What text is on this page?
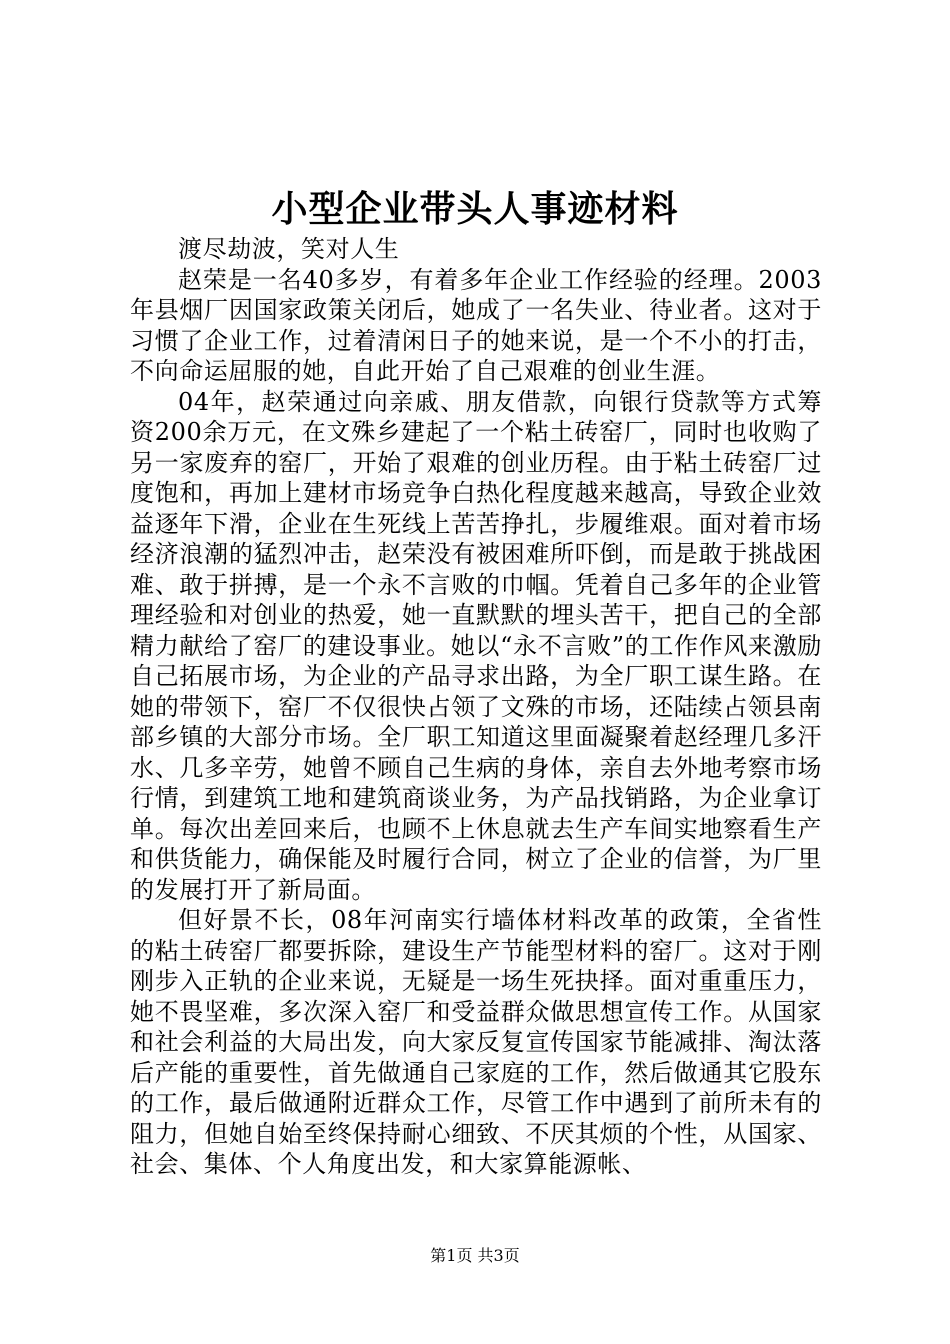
小型企业带头人事迹材料

渡尽劫波，笑对人生

赵荣是一名40多岁，有着多年企业工作经验的经理。2003年县烟厂因国家政策关闭后，她成了一名失业、待业者。这对于习惯了企业工作，过着清闲日子的她来说，是一个不小的打击，不向命运屈服的她，自此开始了自己艰难的创业生涯。

04年，赵荣通过向亲戚、朋友借款，向银行贷款等方式筹资200余万元，在文殊乡建起了一个粘土砖窑厂，同时也收购了另一家废弃的窑厂，开始了艰难的创业历程。由于粘土砖窑厂过度饱和，再加上建材市场竞争白热化程度越来越高，导致企业效益逐年下滑，企业在生死线上苦苦挣扎，步履维艰。面对着市场经济浪潮的猛烈冲击，赵荣没有被困难所吓倒，而是敢于挑战困难、敢于拼搏，是一个永不言败的巾帼。凭着自己多年的企业管理经验和对创业的热爱，她一直默默的埋头苦干，把自己的全部精力献给了窑厂的建设事业。她以“永不言败”的工作作风来激励自己拓展市场，为企业的产品寻求出路，为全厂职工谋生路。在她的带领下，窑厂不仅很快占领了文殊的市场，还陆续占领县南部乡镇的大部分市场。全厂职工知道这里面凝聚着赵经理几多汗水、几多辛劳，她曾不顾自己生病的身体，亲自去外地考察市场行情，到建筑工地和建筑商谈业务，为产品找销路，为企业拿订单。每次出差回来后，也顾不上休息就去生产车间实地察看生产和供货能力，确保能及时履行合同，树立了企业的信誉，为厂里的发展打开了新局面。

但好景不长，08年河南实行墙体材料改革的政策，全省性的粘土砖窑厂都要拆除，建设生产节能型材料的窑厂。这对于刚刚步入正轨的企业来说，无疑是一场生死抉择。面对重重压力，她不畏坚难，多次深入窑厂和受益群众做思想宣传工作。从国家和社会利益的大局出发，向大家反复宣传国家节能减排、淘汰落后产能的重要性，首先做通自己家庭的工作，然后做通其它股东的工作，最后做通附近群众工作，尽管工作中遇到了前所未有的阻力，但她自始至终保持耐心细致、不厌其烦的个性，从国家、社会、集体、个人角度出发，和大家算能源帐、

第1页 共3页
